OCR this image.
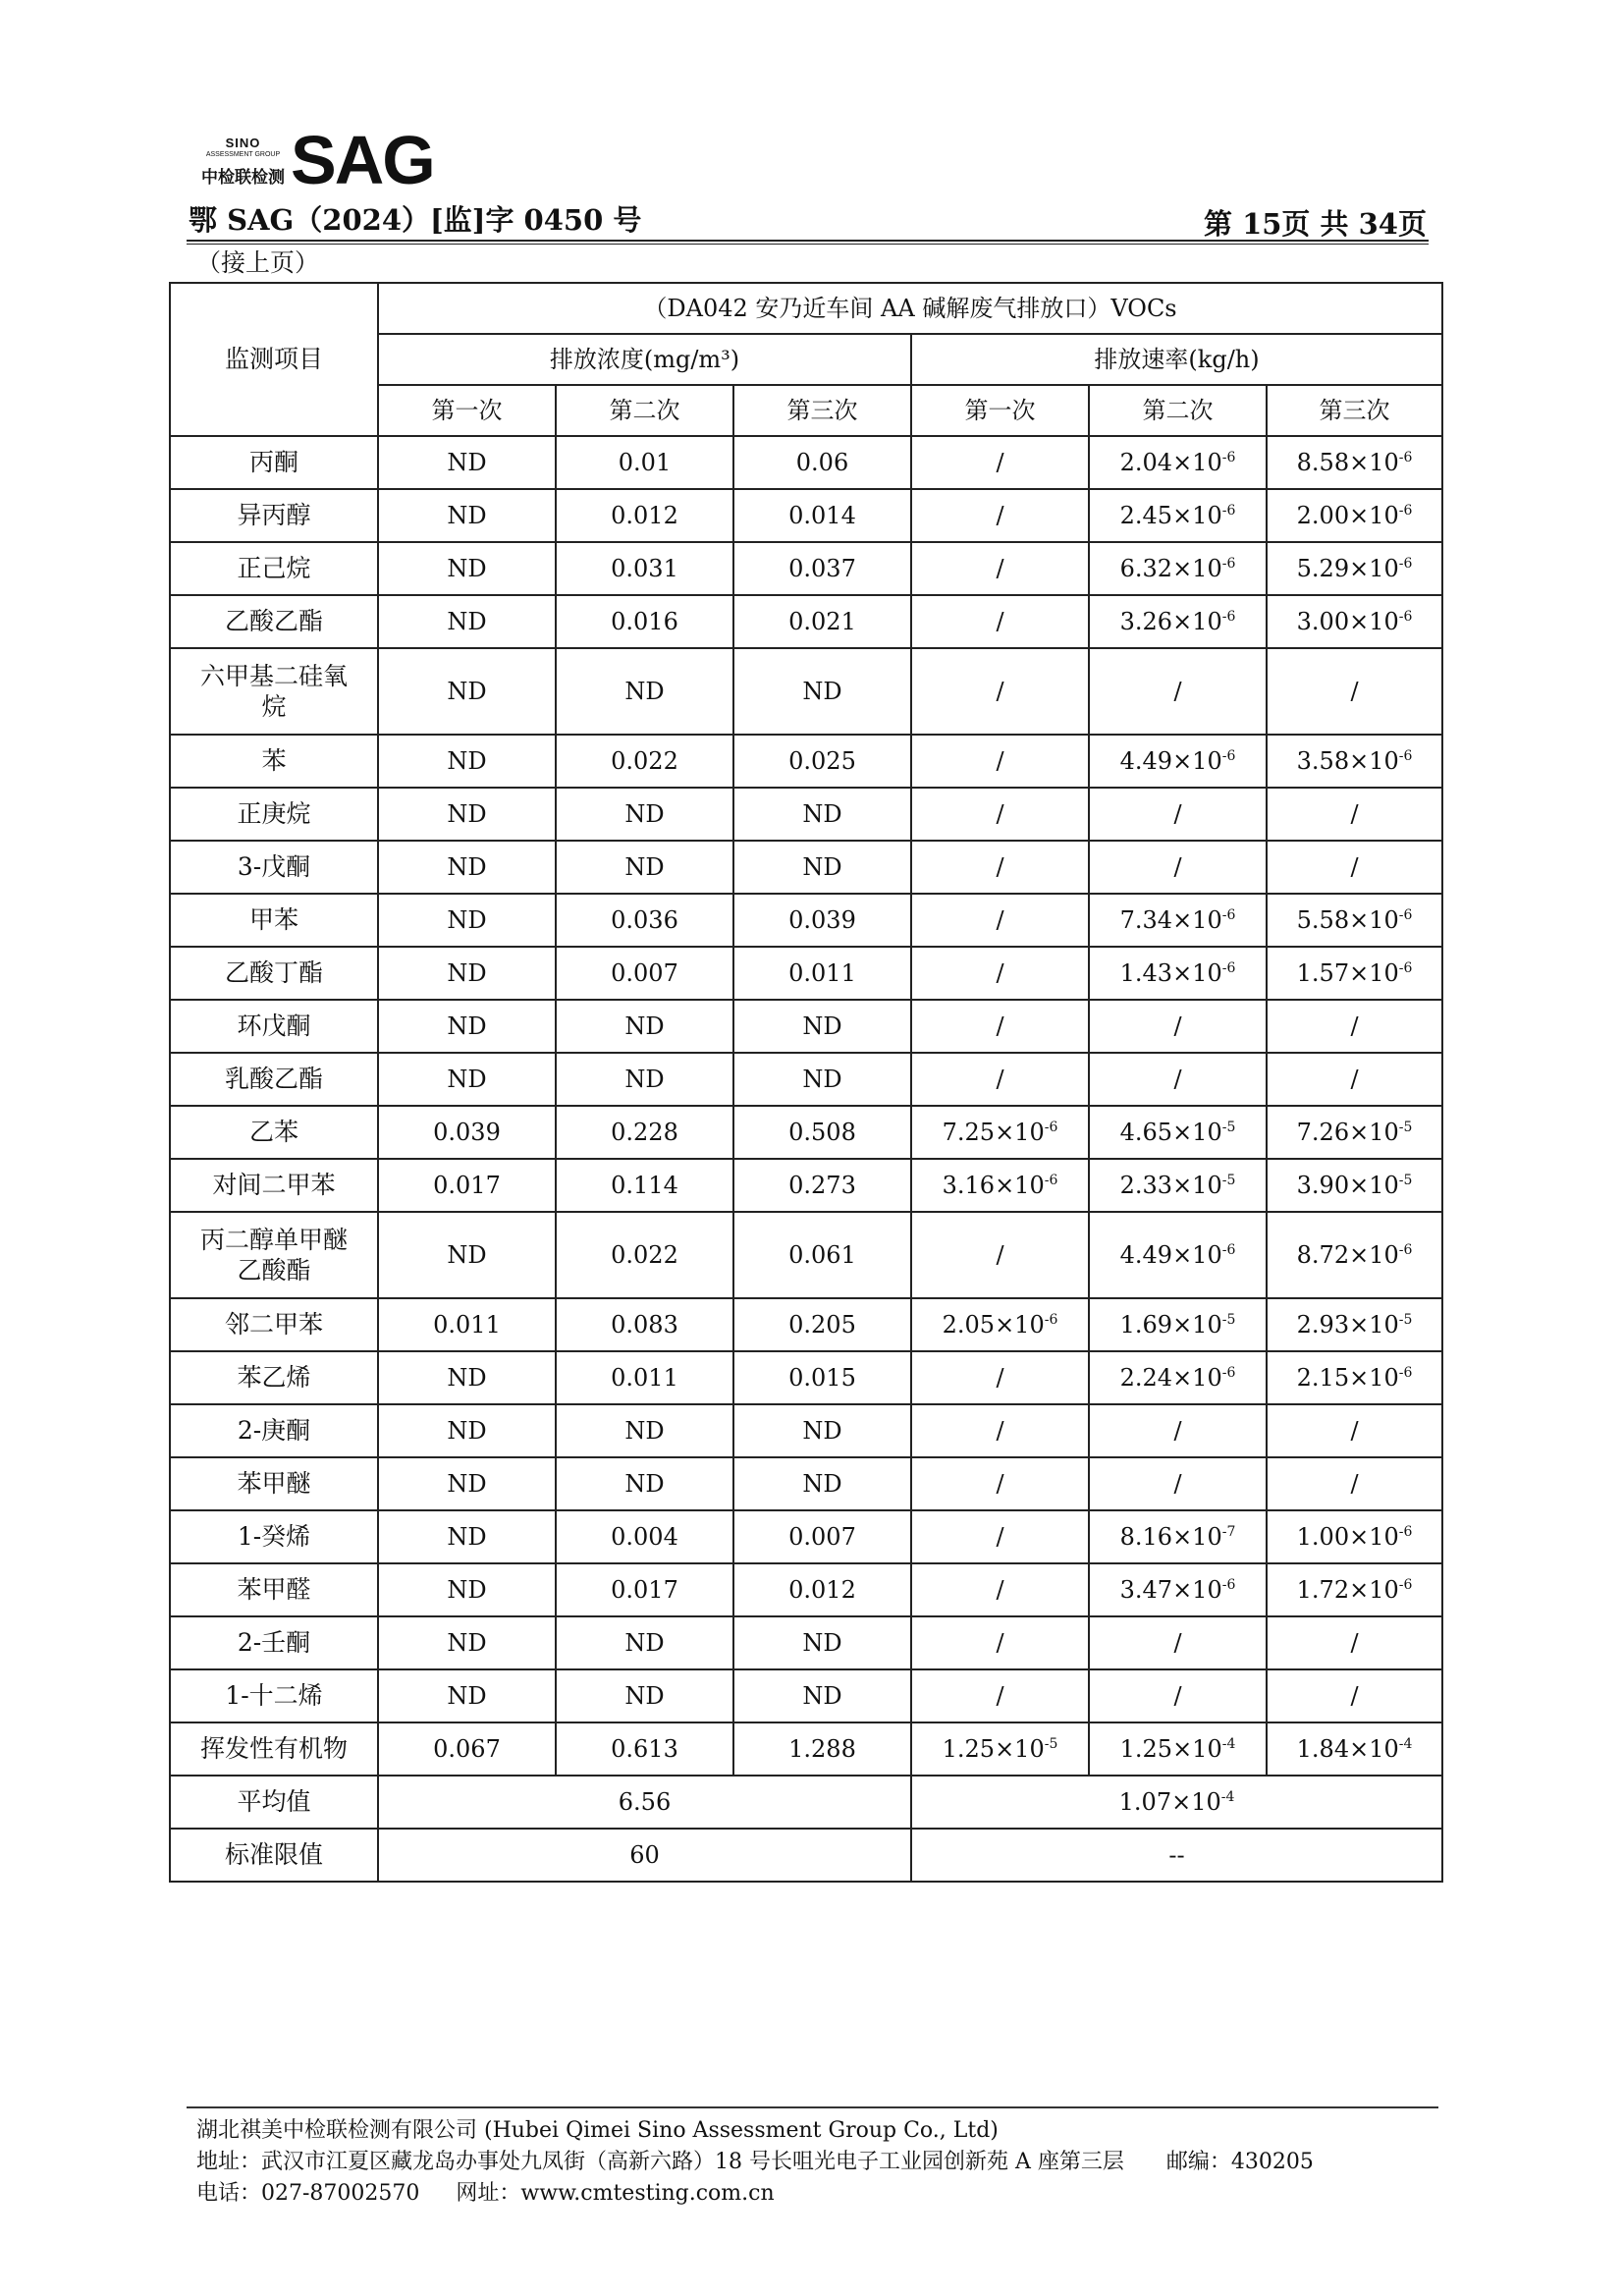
SINO
ASSESSMENT GROUP
中检联检测 SAG
鄂 SAG（2024）[监]字 0450 号	第 15页 共 34页
（接上页）
监测项目	（DA042 安乃近车间 AA 碱解废气排放口）VOCs					
	排放浓度(mg/m³)			排放速率(kg/h)		
	第一次	第二次	第三次	第一次	第二次	第三次
丙酮	ND	0.01	0.06	/	$2.04\times 10^{-6}$	$8.58\times 10^{-6}$
异丙醇	ND	0.012	0.014	/	$2.45\times 10^{-6}$	$2.00\times 10^{-6}$
正己烷	ND	0.031	0.037	/	$6.32\times 10^{-6}$	$5.29\times 10^{-6}$
乙酸乙酯	ND	0.016	0.021	/	$3.26\times 10^{-6}$	$3.00\times 10^{-6}$
六甲基二硅氧烷	ND	ND	ND	/	/	/
苯	ND	0.022	0.025	/	$4.49\times 10^{-6}$	$3.58\times 10^{-6}$
正庚烷	ND	ND	ND	/	/	/
3-戊酮	ND	ND	ND	/	/	/
甲苯	ND	0.036	0.039	/	$7.34\times 10^{-6}$	$5.58\times 10^{-6}$
乙酸丁酯	ND	0.007	0.011	/	$1.43\times 10^{-6}$	$1.57\times 10^{-6}$
环戊酮	ND	ND	ND	/	/	/
乳酸乙酯	ND	ND	ND	/	/	/
乙苯	0.039	0.228	0.508	$7.25\times 10^{-6}$	$4.65\times 10^{-5}$	$7.26\times 10^{-5}$
对间二甲苯	0.017	0.114	0.273	$3.16\times 10^{-6}$	$2.33\times 10^{-5}$	$3.90\times 10^{-5}$
丙二醇单甲醚乙酸酯	ND	0.022	0.061	/	$4.49\times 10^{-6}$	$8.72\times 10^{-6}$
邻二甲苯	0.011	0.083	0.205	$2.05\times 10^{-6}$	$1.69\times 10^{-5}$	$2.93\times 10^{-5}$
苯乙烯	ND	0.011	0.015	/	$2.24\times 10^{-6}$	$2.15\times 10^{-6}$
2-庚酮	ND	ND	ND	/	/	/
苯甲醚	ND	ND	ND	/	/	/
1-癸烯	ND	0.004	0.007	/	$8.16\times 10^{-7}$	$1.00\times 10^{-6}$
苯甲醛	ND	0.017	0.012	/	$3.47\times 10^{-6}$	$1.72\times 10^{-6}$
2-壬酮	ND	ND	ND	/	/	/
1-十二烯	ND	ND	ND	/	/	/
挥发性有机物	0.067	0.613	1.288	$1.25\times 10^{-5}$	$1.25\times 10^{-4}$	$1.84\times 10^{-4}$
平均值	6.56			$1.07\times 10^{-4}$
标准限值	60			--		
湖北祺美中检联检测有限公司 (Hubei Qimei Sino Assessment Group Co., Ltd)
地址：武汉市江夏区藏龙岛办事处九凤街（高新六路）18 号长咀光电子工业园创新苑 A 座第三层 邮编：430205
电话：027-87002570 网址：www.cmtesting.com.cn
